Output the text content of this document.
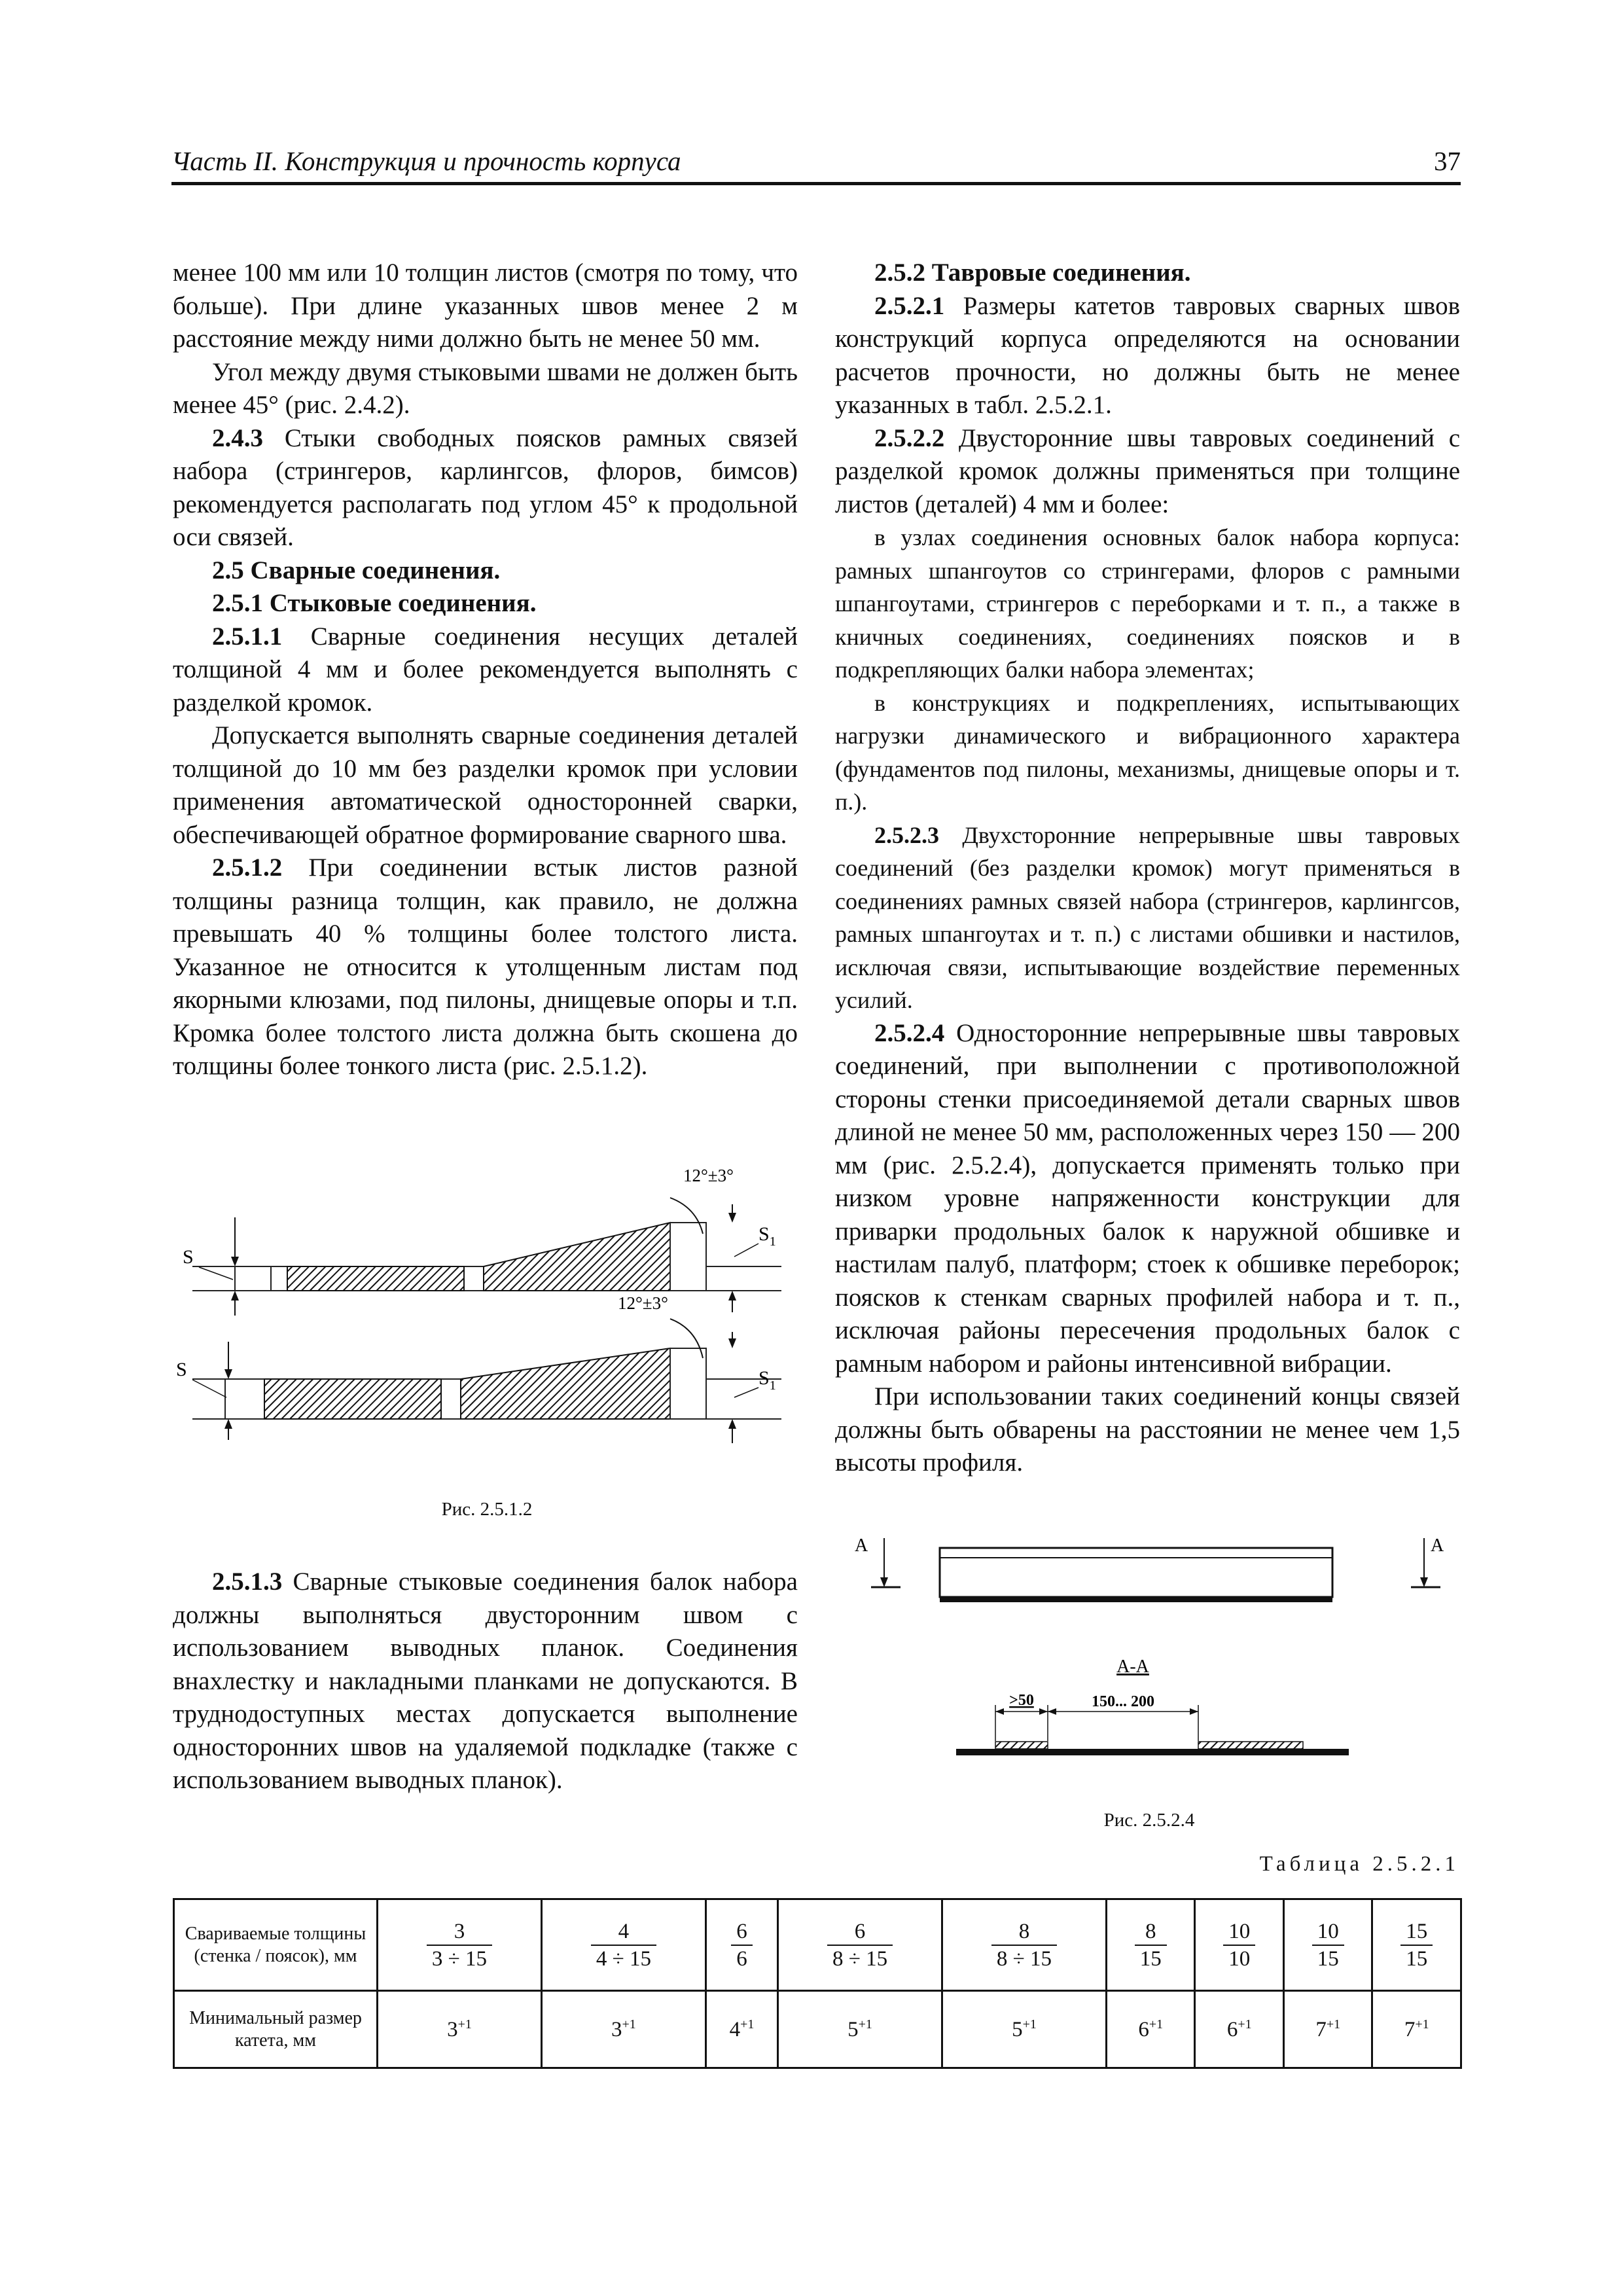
Часть II. Конструкция и прочность корпуса	37

менее 100 мм или 10 толщин листов (смотря по тому, что больше). При длине указанных швов менее 2 м расстояние между ними должно быть не менее 50 мм.

Угол между двумя стыковыми швами не должен быть менее 45° (рис. 2.4.2).

2.4.3 Стыки свободных поясков рамных связей набора (стрингеров, карлингсов, флоров, бимсов) рекомендуется располагать под углом 45° к продольной оси связей.

2.5 Сварные соединения.
2.5.1 Стыковые соединения.

2.5.1.1 Сварные соединения несущих деталей толщиной 4 мм и более рекомендуется выполнять с разделкой кромок.

Допускается выполнять сварные соединения деталей толщиной до 10 мм без разделки кромок при условии применения автоматической односторонней сварки, обеспечивающей обратное формирование сварного шва.

2.5.1.2 При соединении встык листов разной толщины разница толщин, как правило, не должна превышать 40 % толщины более толстого листа. Указанное не относится к утолщенным листам под якорными клюзами, под пилоны, днищевые опоры и т.п. Кромка более толстого листа должна быть скошена до толщины более тонкого листа (рис. 2.5.1.2).

S
$S_1$
12°±3°
S	$S_1$
12°±3°
Рис. 2.5.1.2

2.5.1.3 Сварные стыковые соединения балок набора должны выполняться двусторонним швом с использованием выводных планок. Соединения внахлестку и накладными планками не допускаются. В труднодоступных местах допускается выполнение односторонних швов на удаляемой подкладке (также с использованием выводных планок).

2.5.2 Тавровые соединения.

2.5.2.1 Размеры катетов тавровых сварных швов конструкций корпуса определяются на основании расчетов прочности, но должны быть не менее указанных в табл. 2.5.2.1.

2.5.2.2 Двусторонние швы тавровых соединений с разделкой кромок должны применяться при толщине листов (деталей) 4 мм и более:

в узлах соединения основных балок набора корпуса: рамных шпангоутов со стрингерами, флоров с рамными шпангоутами, стрингеров с переборками и т. п., а также в кничных соединениях, соединениях поясков и в подкрепляющих балки набора элементах;

в конструкциях и подкреплениях, испытывающих нагрузки динамического и вибрационного характера (фундаментов под пилоны, механизмы, днищевые опоры и т. п.).

2.5.2.3 Двухсторонние непрерывные швы тавровых соединений (без разделки кромок) могут применяться в соединениях рамных связей набора (стрингеров, карлингсов, рамных шпангоутах и т. п.) с листами обшивки и настилов, исключая связи, испытывающие воздействие переменных усилий.

2.5.2.4 Односторонние непрерывные швы тавровых соединений, при выполнении с противоположной стороны стенки присоединяемой детали сварных швов длиной не менее 50 мм, расположенных через 150 — 200 мм (рис. 2.5.2.4), допускается применять только при низком уровне напряженности конструкции для приварки продольных балок к наружной обшивке и настилам палуб, платформ; стоек к обшивке переборок; поясков к стенкам сварных профилей набора и т. п., исключая районы пересечения продольных балок с рамным набором и районы интенсивной вибрации.

При использовании таких соединений концы связей должны быть обварены на расстоянии не менее чем 1,5 высоты профиля.

A	A
А-А
>50	150... 200
Рис. 2.5.2.4
Таблица 2.5.2.1
Свариваемые толщины (стенка / поясок), мм	$\frac{3}{3 \div 15}$	$\frac{4}{4 \div 15}$	$\frac{6}{6}$	$\frac{6}{8 \div 15}$	$\frac{8}{8 \div 15}$	$\frac{8}{15}$	$\frac{10}{10}$	$\frac{10}{15}$	$\frac{15}{15}$

Минимальный размер катета, мм	$3^{+1}$	$3^{+1}$	$4^{+1}$	$5^{+1}$	$5^{+1}$	$6^{+1}$	$6^{+1}$	$7^{+1}$	$7^{+1}$
